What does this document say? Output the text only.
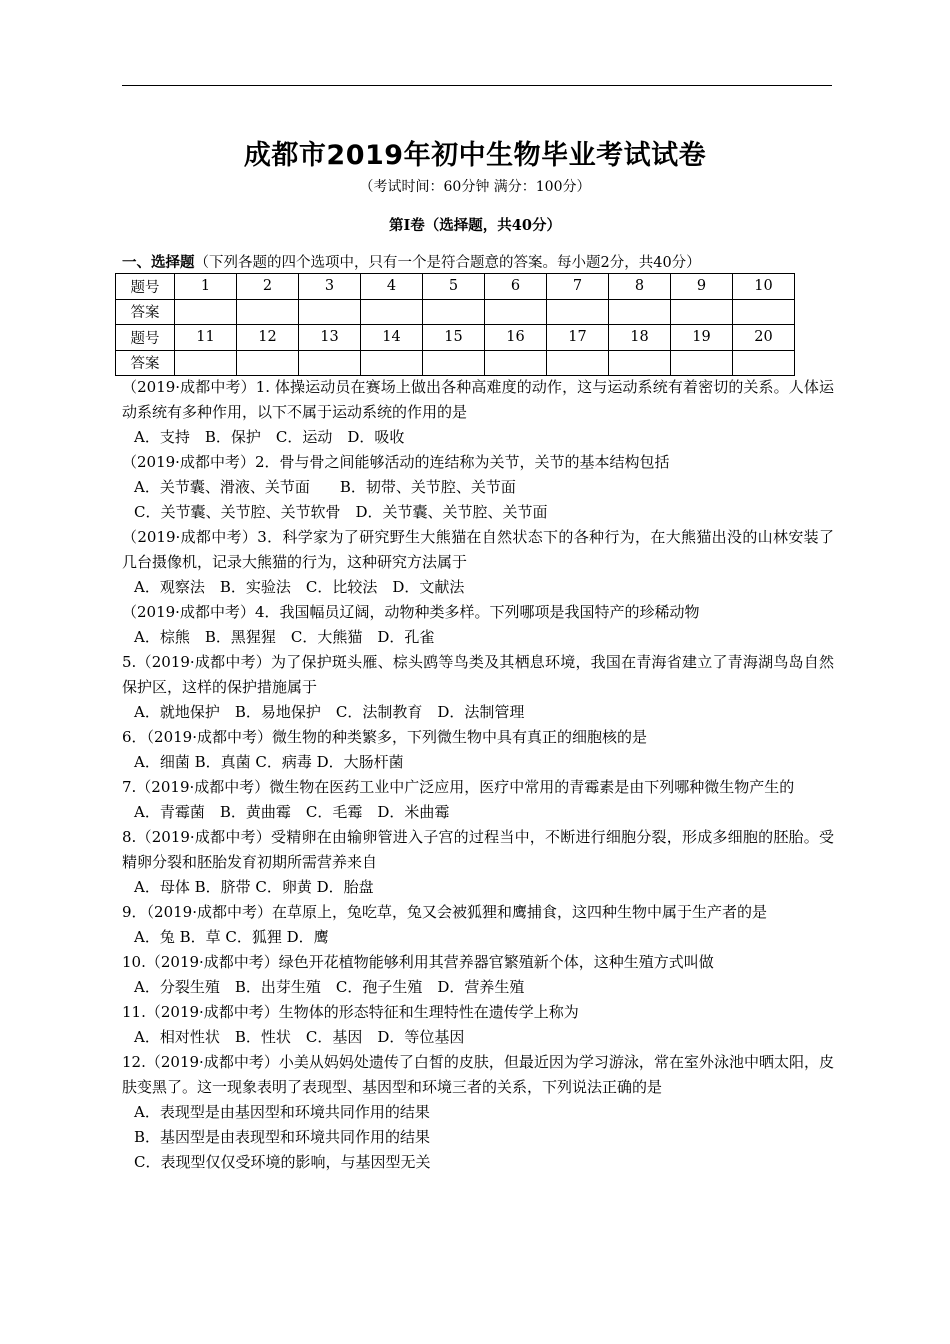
成都市2019年初中生物毕业考试试卷
（考试时间：60分钟 满分：100分）
第Ⅰ卷（选择题，共40分）
一、选择题（下列各题的四个选项中，只有一个是符合题意的答案。每小题2分，共40分）
题号	1	2	3	4	5	6	7	8	9	10
答案										
题号	11	12	13	14	15	16	17	18	19	20
答案										

（2019·成都中考）1. 体操运动员在赛场上做出各种高难度的动作，这与运动系统有着密切的关系。人体运动系统有多种作用，以下不属于运动系统的作用的是

A．支持　B．保护　C．运动　D．吸收

（2019·成都中考）2．骨与骨之间能够活动的连结称为关节，关节的基本结构包括

A．关节囊、滑液、关节面　　B．韧带、关节腔、关节面

C．关节囊、关节腔、关节软骨　D．关节囊、关节腔、关节面

（2019·成都中考）3．科学家为了研究野生大熊猫在自然状态下的各种行为，在大熊猫出没的山林安装了几台摄像机，记录大熊猫的行为，这种研究方法属于

A．观察法　B．实验法　C．比较法　D．文献法

（2019·成都中考）4．我国幅员辽阔，动物种类多样。下列哪项是我国特产的珍稀动物

A．棕熊　B．黑猩猩　C．大熊猫　D．孔雀

5.（2019·成都中考）为了保护斑头雁、棕头鸥等鸟类及其栖息环境，我国在青海省建立了青海湖鸟岛自然保护区，这样的保护措施属于

A．就地保护　B．易地保护　C．法制教育　D．法制管理

6．（2019·成都中考）微生物的种类繁多，下列微生物中具有真正的细胞核的是

A．细菌 B．真菌 C．病毒 D．大肠杆菌

7.（2019·成都中考）微生物在医药工业中广泛应用，医疗中常用的青霉素是由下列哪种微生物产生的

A．青霉菌　B．黄曲霉　C．毛霉　D．米曲霉

8.（2019·成都中考）受精卵在由输卵管进入子宫的过程当中，不断进行细胞分裂，形成多细胞的胚胎。受精卵分裂和胚胎发育初期所需营养来自

A．母体 B．脐带 C．卵黄 D．胎盘

9．（2019·成都中考）在草原上，兔吃草，兔又会被狐狸和鹰捕食，这四种生物中属于生产者的是

A．兔 B．草 C．狐狸 D．鹰

10.（2019·成都中考）绿色开花植物能够利用其营养器官繁殖新个体，这种生殖方式叫做

A．分裂生殖　B．出芽生殖　C．孢子生殖　D．营养生殖

11.（2019·成都中考）生物体的形态特征和生理特性在遗传学上称为

A．相对性状　B．性状　C．基因　D．等位基因

12.（2019·成都中考）小美从妈妈处遗传了白皙的皮肤，但最近因为学习游泳，常在室外泳池中晒太阳，皮肤变黑了。这一现象表明了表现型、基因型和环境三者的关系，下列说法正确的是

A．表现型是由基因型和环境共同作用的结果

B．基因型是由表现型和环境共同作用的结果

C．表现型仅仅受环境的影响，与基因型无关
